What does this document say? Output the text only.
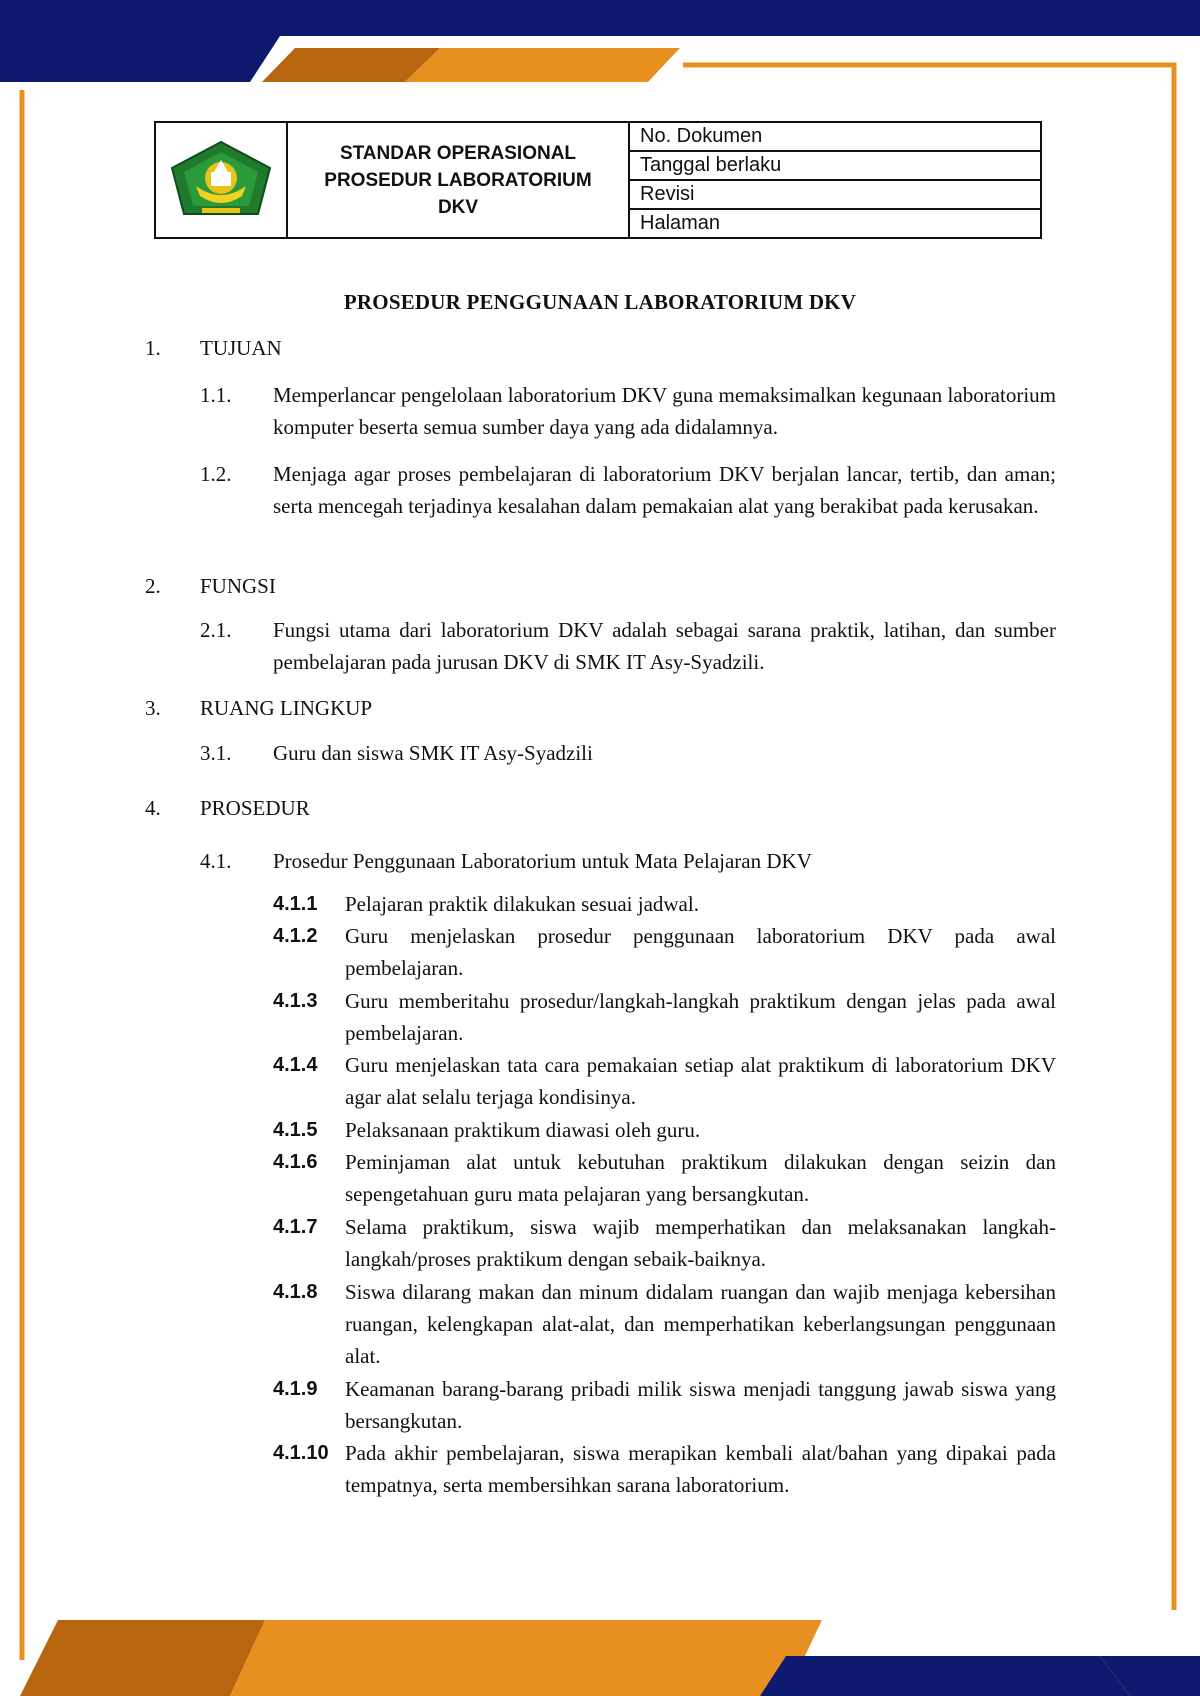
STANDAR OPERASIONAL
PROSEDUR LABORATORIUM
DKV
	No. Dokumen
Tanggal berlaku
Revisi
Halaman
PROSEDUR PENGGUNAAN LABORATORIUM DKV
1. TUJUAN
1.1. Memperlancar pengelolaan laboratorium DKV guna memaksimalkan kegunaan laboratorium komputer beserta semua sumber daya yang ada didalamnya.
1.2. Menjaga agar proses pembelajaran di laboratorium DKV berjalan lancar, tertib, dan aman; serta mencegah terjadinya kesalahan dalam pemakaian alat yang berakibat pada kerusakan.
2. FUNGSI
2.1. Fungsi utama dari laboratorium DKV adalah sebagai sarana praktik, latihan, dan sumber pembelajaran pada jurusan DKV di SMK IT Asy-Syadzili.
3. RUANG LINGKUP
3.1. Guru dan siswa SMK IT Asy-Syadzili
4. PROSEDUR
4.1. Prosedur Penggunaan Laboratorium untuk Mata Pelajaran DKV
4.1.1 Pelajaran praktik dilakukan sesuai jadwal.
4.1.2 Guru menjelaskan prosedur penggunaan laboratorium DKV pada awal pembelajaran.
4.1.3 Guru memberitahu prosedur/langkah-langkah praktikum dengan jelas pada awal pembelajaran.
4.1.4 Guru menjelaskan tata cara pemakaian setiap alat praktikum di laboratorium DKV agar alat selalu terjaga kondisinya.
4.1.5 Pelaksanaan praktikum diawasi oleh guru.
4.1.6 Peminjaman alat untuk kebutuhan praktikum dilakukan dengan seizin dan sepengetahuan guru mata pelajaran yang bersangkutan.
4.1.7 Selama praktikum, siswa wajib memperhatikan dan melaksanakan langkah-langkah/proses praktikum dengan sebaik-baiknya.
4.1.8 Siswa dilarang makan dan minum didalam ruangan dan wajib menjaga kebersihan ruangan, kelengkapan alat-alat, dan memperhatikan keberlangsungan penggunaan alat.
4.1.9 Keamanan barang-barang pribadi milik siswa menjadi tanggung jawab siswa yang bersangkutan.
4.1.10 Pada akhir pembelajaran, siswa merapikan kembali alat/bahan yang dipakai pada tempatnya, serta membersihkan sarana laboratorium.
